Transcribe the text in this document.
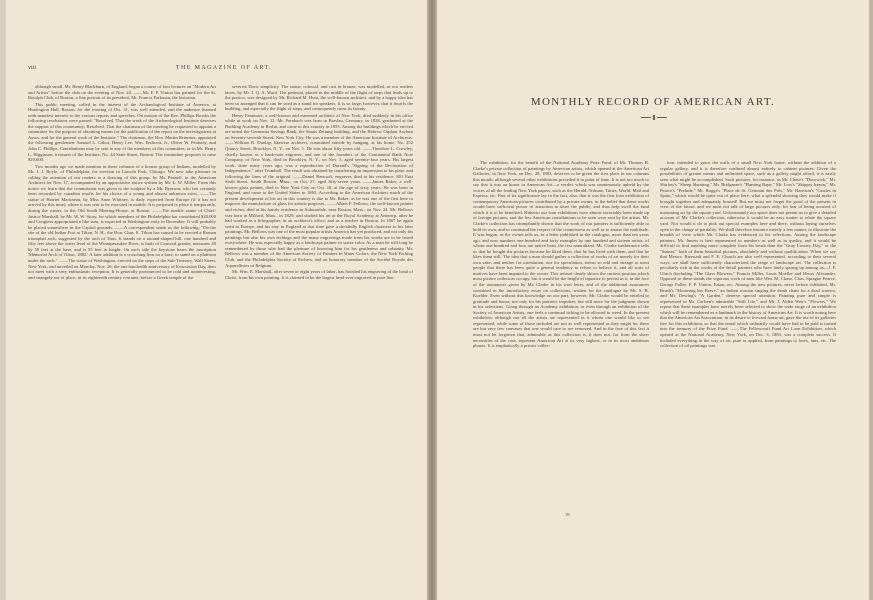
viii	THE MAGAZINE OF ART.

although small. Mr. Henry Blackburn, of England, began a course of four lectures on "Modern Art and Artists" before the club on the evening of Nov. 24. ——Mr. F. P. Vinton has painted for the St. Botolph Club, of Boston, a fine portrait of its president, Mr. Francis Parkman, the historian.

This public meeting, called in the interest of the Archæological Institute of America, at Huntington Hall, Boston, for the evening of Oct. 31, was well attended, and the audience listened with manifest interest to the various reports and speeches. On motion of the Rev. Phillips Brooks the following resolutions were passed: "Resolved, That the work of the Archæological Institute deserves the support of this community; Resolved, That the chairman of the meeting be requested to appoint a committee for the purpose of obtaining means for the publication of the report on the investigations at Assos, and for the general work of the Institute." The chairman, the Hon. Martin Brimmer, appointed the following gentlemen: Samuel L. Cabot, Henry Lee, Wm. Endicott, Jr., Oliver W. Peabody, and John C. Phillips. Contributions may be sent to any of the members of this committee, or to Mr. Henry L. Higginson, treasurer of the Institute, No. 44 State Street, Boston. The committee proposes to raise $20,000.

Two months ago we made mention in these columns of a bronze group of Indians, modelled by Mr. J. J. Boyle, of Philadelphia, for erection in Lincoln Park, Chicago. We now take pleasure in calling the attention of our readers to a drawing of this group, by Mr. Pennell, in the American Architect for Nov. 17, accompanied by an appreciative notice written by Mr. L. W. Miller. From this notice we learn that the commission was given to the sculptor by a Mr. Ryerson, who has certainly been rewarded by canadian results for his choice of a young and almost unknown artist. ——The statue of Harriet Martineau, by Miss Anne Whitney, is daily expected from Europe (if it has not arrived by this time), where it was sent to be executed in marble. It is proposed to place it temporarily, during the winter, in the Old South Meeting-House, at Boston. ——The marble statue of Chief-Justice Marshall, by Mr. W. W. Story, for which members of the Philadelphia bar contributed $20,000 and Congress appropriated a like sum, is expected in Washington early in December. It will probably be placed somewhere in the Capitol grounds. ——A correspondent sends us the following: "On the site of the old Indian Fort at Tilton, N. H., the Hon. Chas. E. Tilton has caused to be erected a Roman triumphal arch, suggested by the arch of Titus. It stands on a mound-shaped hill, one hundred and fifty feet above the water level of the Winnipesaukee River, is built of Concord granite, measures 40 by 50 feet at the base, and is 55 feet in height. On each side the keystone bears the inscription 'Memorial Arch of Tilton, 1882.' A later addition is a crouching lion on a base, to stand on a platform under the arch." ——The statue of Washington, erected on the steps of the Sub-Treasury, Wall Street, New York, and unveiled on Monday, Nov. 26, the one hundredth anniversary of Evacuation Day, does not meet with a very enthusiastic reception. It is generally pronounced to be cold and uninteresting, and strangely out of place, in its eighteenth century costume, before a Greek temple of the

severest Doric simplicity. The statue, colossal, and cast in bronze, was modelled, as our readers know, by Mr. J. Q. A. Ward. The pedestal, placed in the middle of the flight of steps that leads up to the portico, was designed by Mr. Richard M. Hunt, the well-known architect, and by a happy idea has been so arranged that it can be used as a stand for speakers. It is so large, however, that it dwarfs the building, and especially the flight of steps, and consequently ruins its beauty.

Henry Fenimore, a well-known and esteemed architect of New York, died suddenly in his office while at work on Nov. 12. Mr. Fernbach was born in Breslau, Germany, in 1828, graduated at the Building Academy in Berlin, and came to this country in 1855. Among the buildings which he erected are noted the Germania Savings Bank, the Staats Zeitung building, and the Hebrew Orphan Asylum on Seventy-seventh Street, New York City. He was a member of the American Institute of Architects. ——William R. Dunlap, likewise architect, committed suicide by hanging, at his home, No. 252 Quincy Street, Brooklyn, N. Y., on Nov. 1. He was about fifty years old. ——Theodore L. Crowley, chiefly known as a bank-note engraver, and one of the founders of the Continental Bank Note Company, of New York, died in Brooklyn, N. Y., on Nov. 5, aged seventy-four years. His largest work, done many years ago, was a reproduction of Durand's "Signing of the Declaration of Independence," after Trumbull. The result was obtained by transferring an impression to his plate, and following the lines of the original. ——Daniel Beecroft, engraver, died at his residence, 801 East Sixth Street, South Boston, Mass., on Oct. 27, aged fifty-seven years. ——James Baker, a well-known glass painter, died in New York City on Oct. 18, at the age of sixty years. He was born in England, and came to the United States in 1865. According to the American Architect much of the present development of his art in this country is due to Mr. Baker, as he was one of the first here to improve the manufacture of glass for artistic purposes. ——Albert F. Fellows, the well-known painter and etcher, died at his family residence in Auburndale, near Boston, Mass., on Nov. 24. Mr. Bellows was born in Milford, Mass., in 1829, and studied his art at the Royal Academy at Antwerp, after he had worked as a lithographer, in an architect's office, and as a teacher in Boston. In 1867 he again went to Europe, and his stay in England at that time gave a decidedly English character to his later paintings. Mr. Bellows was one of the most popular artists America has yet produced, and not only his paintings but also his own etchings and the many engravings made from his works are to be found everywhere. He was especially happy as a landscape painter in water-color. As a man he will long be remembered by those who had the pleasure of knowing him for his gentleness and urbanity. Mr. Bellows was a member of the American Society of Painters in Water Colors, the New York Etching Club, and the Philadelphia Society of Etchers, and an honorary member of the Société Royale des Aquarellistes of Belgium.

Mr. Wm. E. Marshall, after seven or eight years of labor, has finished his engraving of the head of Christ, from his own painting. It is claimed to be the largest head ever engraved in pure line.

MONTHLY RECORD OF AMERICAN ART.

The exhibition, for the benefit of the National Academy Prize Fund, of Mr. Thomas B. Clarke's private collection of paintings by American artists, which opened at the American Art Galleries, in New York, on Dec. 28, 1883, deserves to be given the first place in our columns this month, although several other exhibitions preceded it in point of time. It is not too much to say that it was an honor to American Art—a verdict which was unanimously upheld by the voices of all the leading New York papers, such as the Herald, Tribune, Times, World, Mail and Express, etc. Part of its significance lay in the fact, also, that it was the first loan exhibition of contemporary American pictures contributed by a private owner, in the belief that these works would have sufficient power of attraction to draw the public, and thus help swell the fund which it is to be benefited. Hitherto our loan exhibitions have almost invariably been made up of foreign pictures, and the few American contributions to be seen were sent by the artists. Mr. Clarke's collection has triumphantly shown that the work of our painters is sufficiently able to hold its own, and to command the respect of the connoisseur as well as to amuse the multitude. It was begun, as the owner tells us, in a letter published in the catalogue, more than ten years ago, and now numbers one hundred and forty examples by one hundred and sixteen artists, of whom one hundred and four are native born, the rest naturalized. Mr. Clarke furthermore tells us that he bought the pictures because he liked them, that he has lived with them, and that he likes them still. The idea that a man should gather a collection of works of art merely for their own sake, and neither for ostentation, nor for speculation, seems so odd and strange to most people that there has been quite a general tendency to refuse to believe it, and all sorts of motives have been imputed to the owner. This refusal clearly shows the curious position which most picture collectors occupy, but it would be the height of injustice to persist in it, in the face of the assurances given by Mr. Clarke in his own letter, and of the additional assurances contained in the introductory essay on collections, written for the catalogue by Mr. S. R. Koehler. Even without this knowledge on our part, however, Mr. Clarke would be entitled to gratitude and honor, not only for his patriotic impulses, but still more for the judgment shown in his selections. Going through an Academy exhibition, or even through an exhibition of the Society of American Artists, one feels a continual itching to be allowed to weed. In the present exhibition, although not all the artists are represented in it whom one would like to see represented, while some of those included are not as well represented as they might be, there are but very few canvases that one would care to see removed. And in the face of this fact it must not be forgotten that, admirable as this collection is, it does not, for from the sheer necessities of the case, represent American Art at its very highest, or in its most ambitious phases. It is emphatically a private collec-

tion, intended to grace the walls of a small New York home, without the addition of a regular gallery, and it is therefore confined almost entirely to cabinet pictures. Given the possibilities of greater means and unlimited space, such as a gallery might afford, it is easily seen what might be accomplished. Such pictures, for instance, as Mr. Chase's "Dorowick," Mr. Shirlaw's "Sheep Shearing," Mr. Bridgman's "Planting Rape," Mr. Low's "Skipper Ireson," Mr. Pearce's "Prelude," Mr. Boggs's "Place de St. Germain des Prés," Mr. Harrison's "Castles in Spain," which would be quite out of place here, what a splendid showing they would make if brought together and adequately housed! But we must not forget the good of the present in view of the future, and we must not talk of large pictures only, for fear of being accused of measuring art by the square yard. Unfortunately our space does not permit us to give a detailed account of Mr. Clarke's collection; otherwise it would be an easy matter to relate the square yard. Nor would it do to pick out special examples here and there, without laying ourselves open to the charge of partiality. We shall therefore instance merely a few names, to illustrate the breadth of view which Mr. Clarke has evidenced in his selections. Among the landscape painters, Mr. Inness is best represented in numbers as well as in quality, and it would be difficult to find anything more complete from his brush than the "Gray Lowery Day," or the "Sunset," both of them beautiful pictures, absolutely and without qualification. When we say that Messrs. Bierstadt and F. E. Church are also well represented, according to their several ways, we shall have sufficiently characterized the range of landscape art. The collection is peculiarly rich in the works of the detail painters who have lately sprung up among us—J. F. Ulrich (including "The Glass Blowers," Francis Miller, Louis Moeller and Henry Alexander. Opposed to these stands the vigorous work of men like Wm. M. Chase, Chas. Sprague Pearce, George Fuller, F. P. Vinton, Eaton, etc. Among the new pictures, never before exhibited, Mr. Brush's "Mourning her Brave," an Indian woman singing the death chant for a dead warrior, and Mr. Dewing's "A Garden," deserve special attention. Painting pure and simple is represented in Mr. Carlsen's admirable "Still Life," and Mr. J. Alden Weir's "Flowers." We repeat that these examples have merely been selected to show the wide range of an exhibition which will be remembered as a landmark in the history of American Art. It is worth noting here that the American Art Association, in its desire to forward home art, gave the use of its galleries free for this exhibition, so that the rental which ordinarily would have had to be paid is turned into the treasury of the Prize Fund. ——The Fellowcraft Fund Art Loan Exhibition, which opened at the National Academy, New York, on Dec. 3, 1883, was a complete success. It included everything in the way of art, pure or applied, from paintings to laces, fans, etc. The collection of oil paintings was

19
